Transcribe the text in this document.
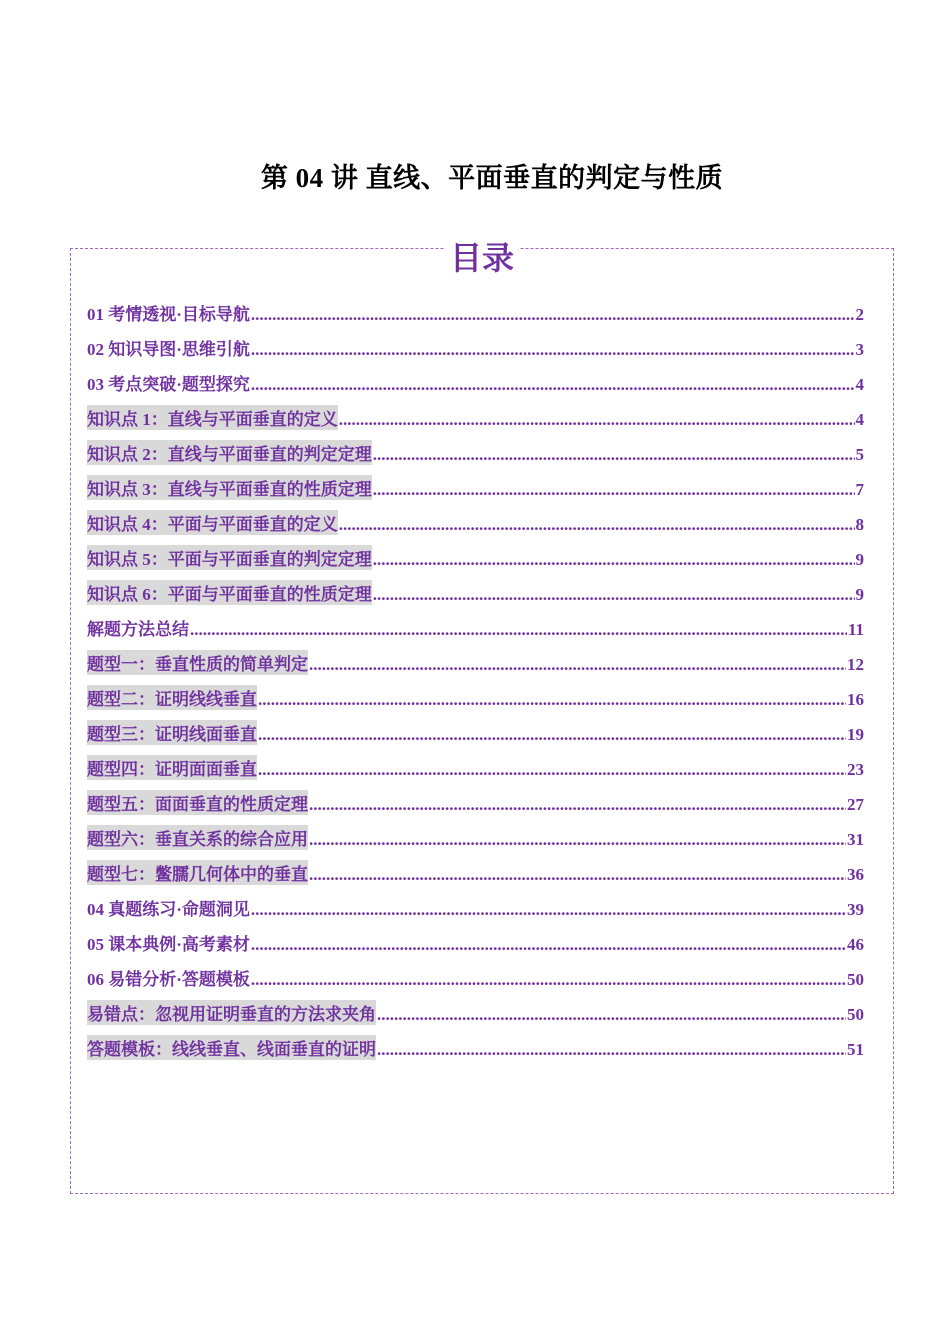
第 04 讲 直线、平面垂直的判定与性质
目录
01 考情透视·目标导航 .....	2
02 知识导图·思维引航 .....	3
03 考点突破·题型探究 .....	4
知识点 1：直线与平面垂直的定义 .....	4
知识点 2：直线与平面垂直的判定定理 .....	5
知识点 3：直线与平面垂直的性质定理 .....	7
知识点 4：平面与平面垂直的定义 .....	8
知识点 5：平面与平面垂直的判定定理 .....	9
知识点 6：平面与平面垂直的性质定理 .....	9
解题方法总结 .....	11
题型一：垂直性质的简单判定 .....	12
题型二：证明线线垂直 .....	16
题型三：证明线面垂直 .....	19
题型四：证明面面垂直 .....	23
题型五：面面垂直的性质定理 .....	27
题型六：垂直关系的综合应用 .....	31
题型七：鳖臑几何体中的垂直 .....	36
04 真题练习·命题洞见 .....	39
05 课本典例·高考素材 .....	46
06 易错分析·答题模板 .....	50
易错点：忽视用证明垂直的方法求夹角 .....	50
答题模板：线线垂直、线面垂直的证明 .....	51
